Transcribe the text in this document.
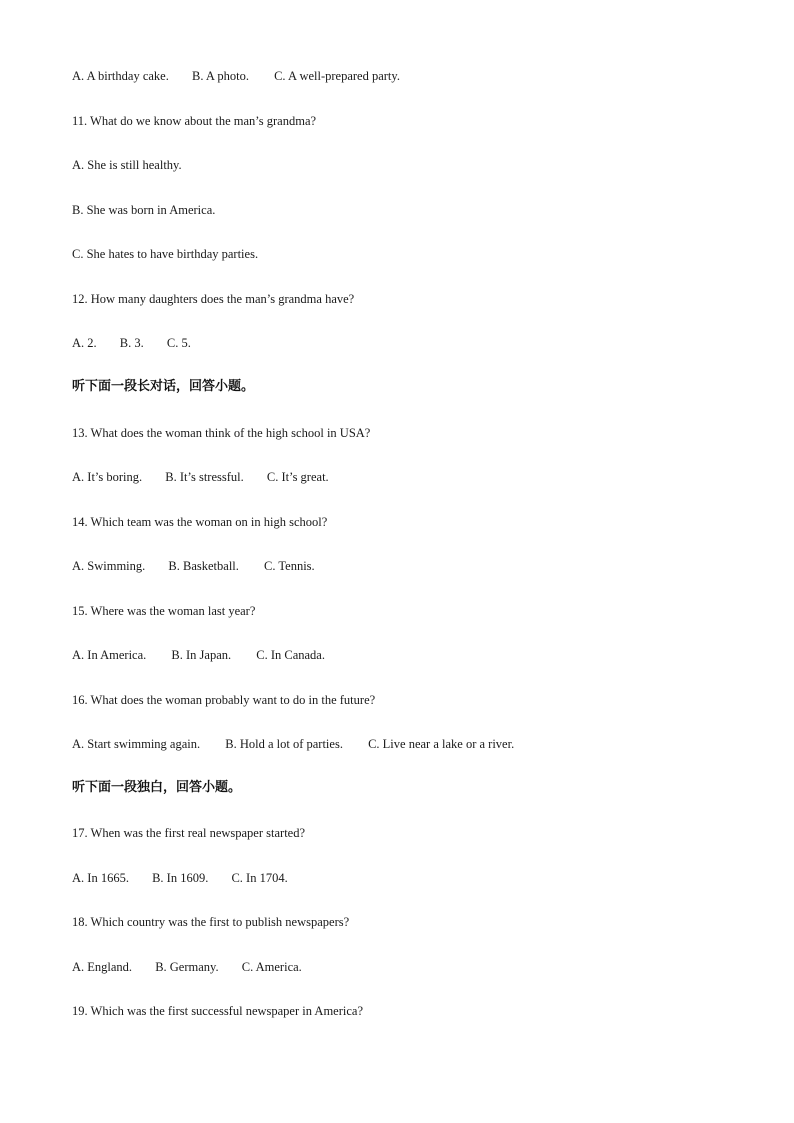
A. A birthday cake. B. A photo. C. A well-prepared party.
11. What do we know about the man’s grandma?
A. She is still healthy.
B. She was born in America.
C. She hates to have birthday parties.
12. How many daughters does the man’s grandma have?
A. 2. B. 3. C. 5.
听下面一段长对话，回答小题。
13. What does the woman think of the high school in USA?
A. It’s boring. B. It’s stressful. C. It’s great.
14. Which team was the woman on in high school?
A. Swimming. B. Basketball. C. Tennis.
15. Where was the woman last year?
A. In America. B. In Japan. C. In Canada.
16. What does the woman probably want to do in the future?
A. Start swimming again. B. Hold a lot of parties. C. Live near a lake or a river.
听下面一段独白，回答小题。
17. When was the first real newspaper started?
A. In 1665. B. In 1609. C. In 1704.
18. Which country was the first to publish newspapers?
A. England. B. Germany. C. America.
19. Which was the first successful newspaper in America?
